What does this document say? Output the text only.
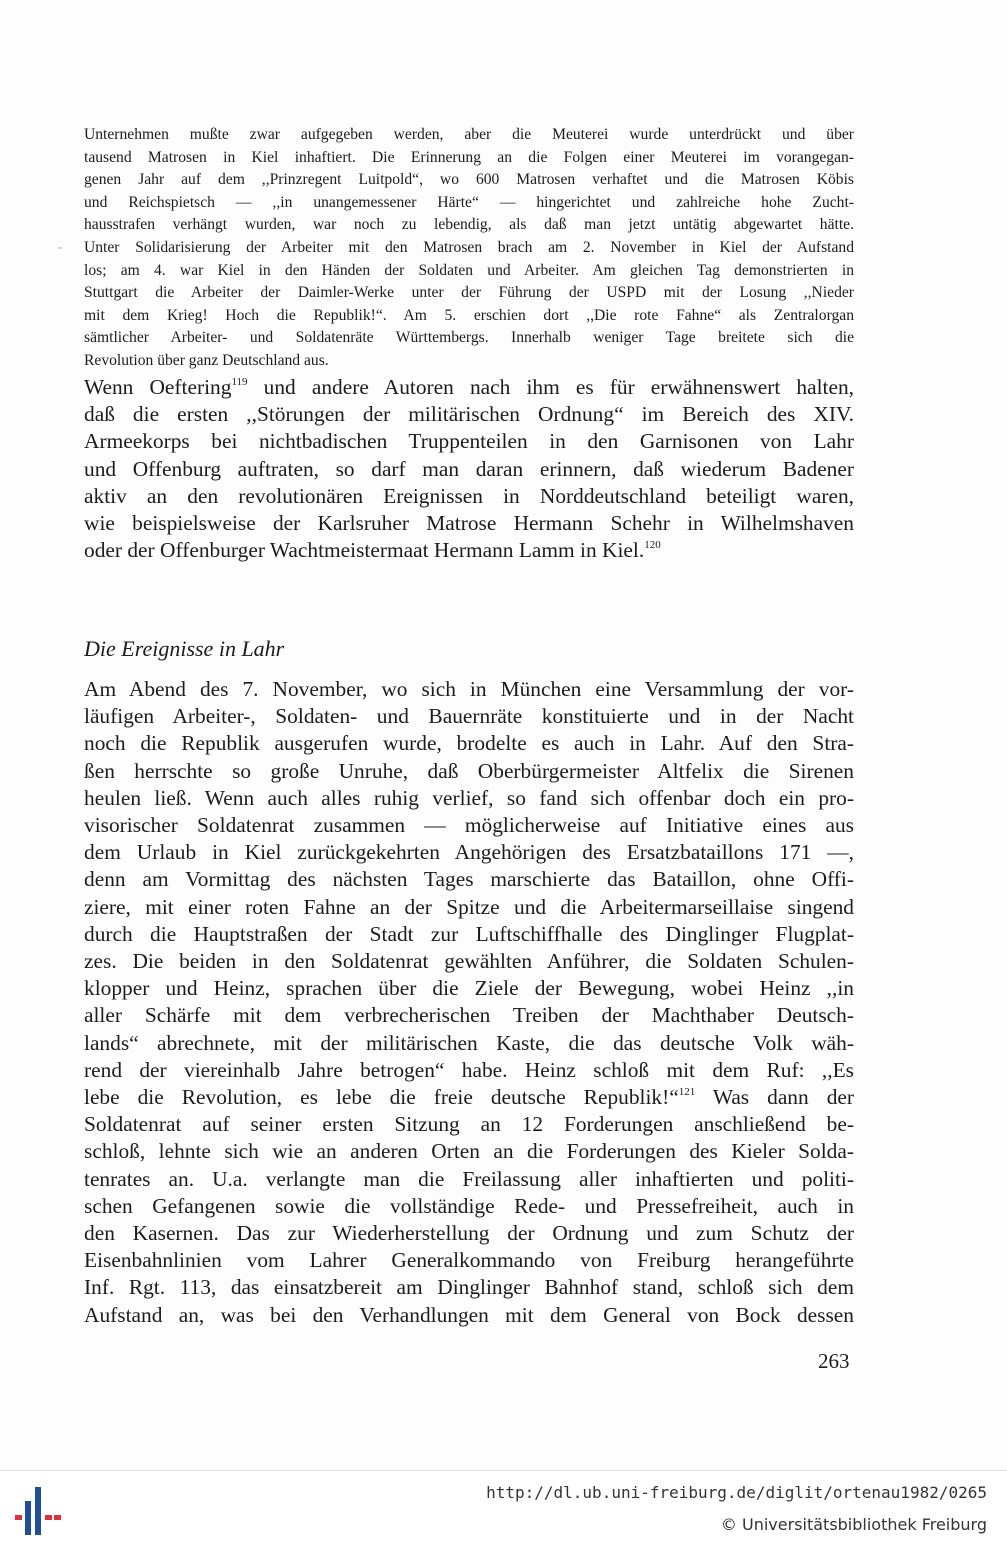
-
Unternehmen mußte zwar aufgegeben werden, aber die Meuterei wurde unterdrückt und über
tausend Matrosen in Kiel inhaftiert. Die Erinnerung an die Folgen einer Meuterei im vorangegan-
genen Jahr auf dem ,,Prinzregent Luitpold“, wo 600 Matrosen verhaftet und die Matrosen Köbis
und Reichspietsch — ,,in unangemessener Härte“ — hingerichtet und zahlreiche hohe Zucht-
hausstrafen verhängt wurden, war noch zu lebendig, als daß man jetzt untätig abgewartet hätte.
Unter Solidarisierung der Arbeiter mit den Matrosen brach am 2. November in Kiel der Aufstand
los; am 4. war Kiel in den Händen der Soldaten und Arbeiter. Am gleichen Tag demonstrierten in
Stuttgart die Arbeiter der Daimler-Werke unter der Führung der USPD mit der Losung ,,Nieder
mit dem Krieg! Hoch die Republik!“. Am 5. erschien dort ,,Die rote Fahne“ als Zentralorgan
sämtlicher Arbeiter- und Soldatenräte Württembergs. Innerhalb weniger Tage breitete sich die
Revolution über ganz Deutschland aus.
Wenn Oeftering$^{119}$ und andere Autoren nach ihm es für erwähnenswert halten,
daß die ersten ,,Störungen der militärischen Ordnung“ im Bereich des XIV.
Armeekorps bei nichtbadischen Truppenteilen in den Garnisonen von Lahr
und Offenburg auftraten, so darf man daran erinnern, daß wiederum Badener
aktiv an den revolutionären Ereignissen in Norddeutschland beteiligt waren,
wie beispielsweise der Karlsruher Matrose Hermann Schehr in Wilhelmshaven
oder der Offenburger Wachtmeistermaat Hermann Lamm in Kiel.$^{120}$
Die Ereignisse in Lahr
Am Abend des 7. November, wo sich in München eine Versammlung der vor-
läufigen Arbeiter-, Soldaten- und Bauernräte konstituierte und in der Nacht
noch die Republik ausgerufen wurde, brodelte es auch in Lahr. Auf den Stra-
ßen herrschte so große Unruhe, daß Oberbürgermeister Altfelix die Sirenen
heulen ließ. Wenn auch alles ruhig verlief, so fand sich offenbar doch ein pro-
visorischer Soldatenrat zusammen — möglicherweise auf Initiative eines aus
dem Urlaub in Kiel zurückgekehrten Angehörigen des Ersatzbataillons 171 —,
denn am Vormittag des nächsten Tages marschierte das Bataillon, ohne Offi-
ziere, mit einer roten Fahne an der Spitze und die Arbeitermarseillaise singend
durch die Hauptstraßen der Stadt zur Luftschiffhalle des Dinglinger Flugplat-
zes. Die beiden in den Soldatenrat gewählten Anführer, die Soldaten Schulen-
klopper und Heinz, sprachen über die Ziele der Bewegung, wobei Heinz ,,in
aller Schärfe mit dem verbrecherischen Treiben der Machthaber Deutsch-
lands“ abrechnete, mit der militärischen Kaste, die das deutsche Volk wäh-
rend der viereinhalb Jahre betrogen“ habe. Heinz schloß mit dem Ruf: ,,Es
lebe die Revolution, es lebe die freie deutsche Republik!“$^{121}$ Was dann der
Soldatenrat auf seiner ersten Sitzung an 12 Forderungen anschließend be-
schloß, lehnte sich wie an anderen Orten an die Forderungen des Kieler Solda-
tenrates an. U.a. verlangte man die Freilassung aller inhaftierten und politi-
schen Gefangenen sowie die vollständige Rede- und Pressefreiheit, auch in
den Kasernen. Das zur Wiederherstellung der Ordnung und zum Schutz der
Eisenbahnlinien vom Lahrer Generalkommando von Freiburg herangeführte
Inf. Rgt. 113, das einsatzbereit am Dinglinger Bahnhof stand, schloß sich dem
Aufstand an, was bei den Verhandlungen mit dem General von Bock dessen
263
http://dl.ub.uni-freiburg.de/diglit/ortenau1982/0265
© Universitätsbibliothek Freiburg
